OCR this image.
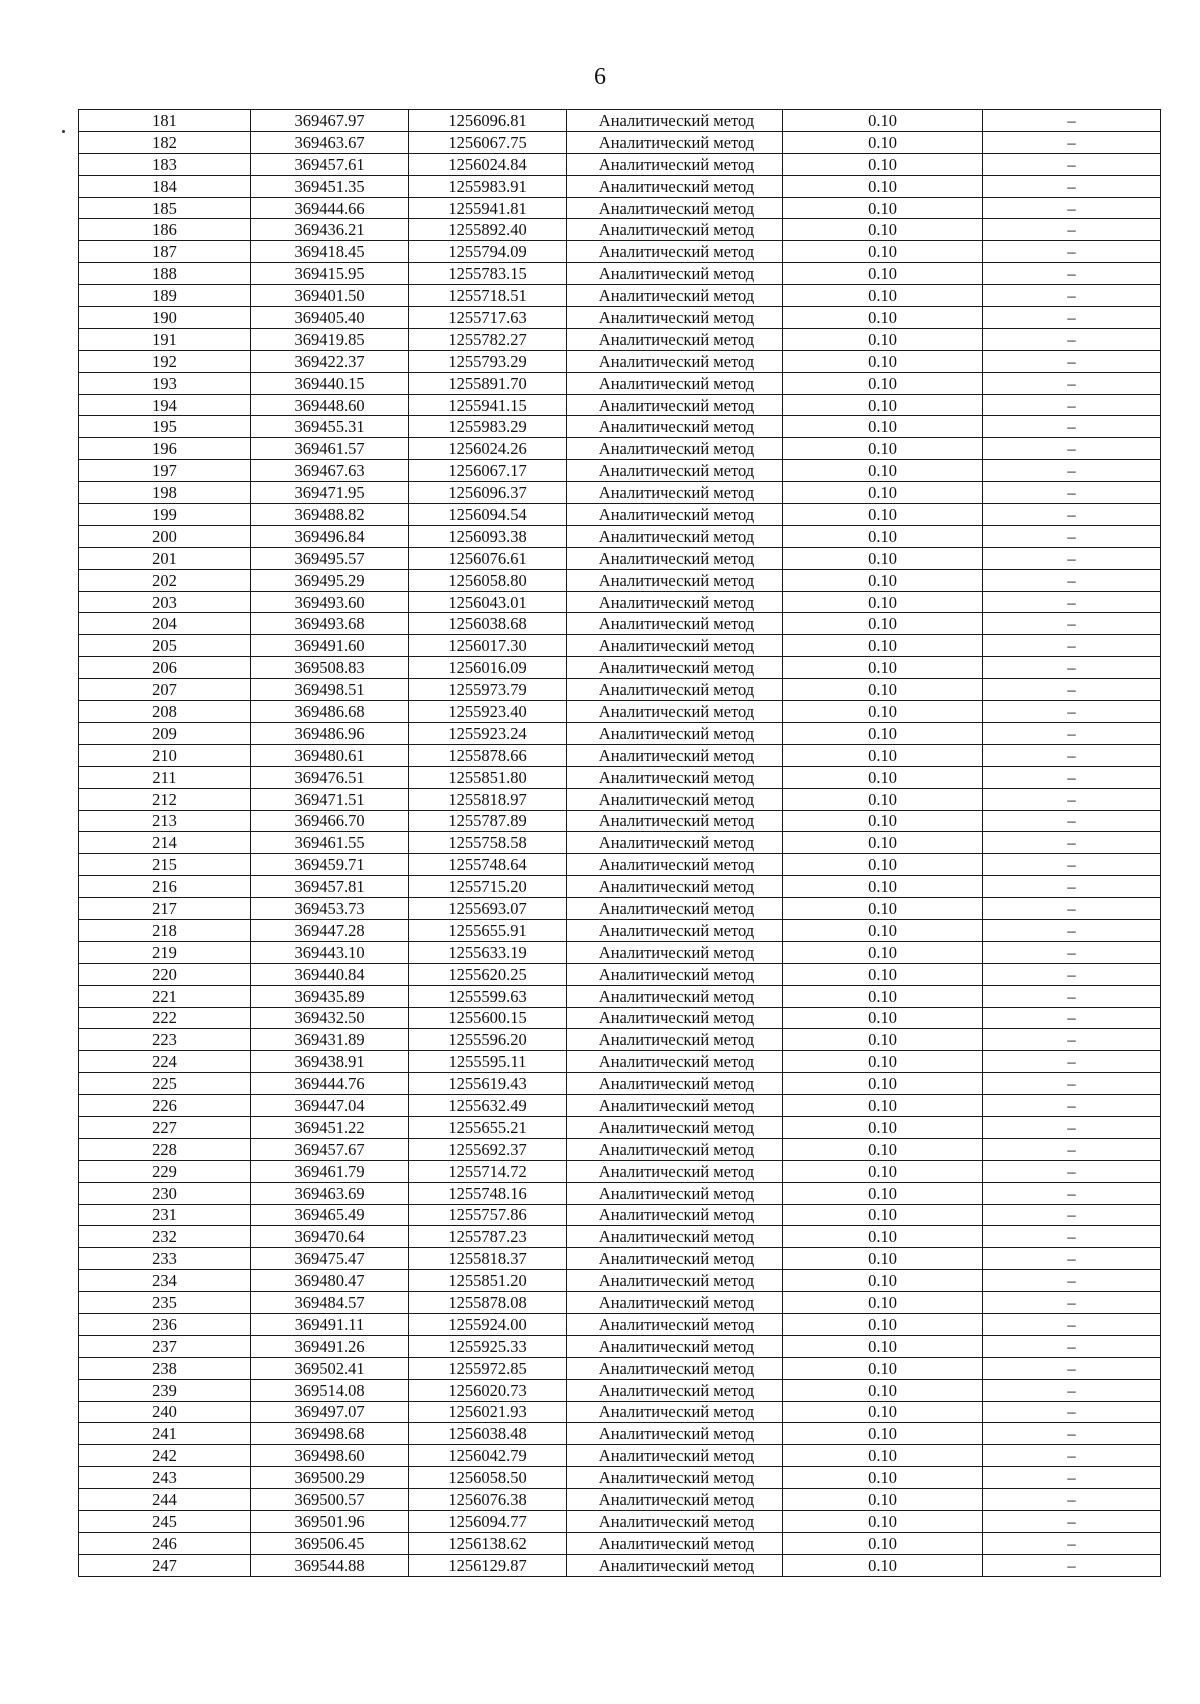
6
181	369467.97	1256096.81	Аналитический метод	0.10	–
182	369463.67	1256067.75	Аналитический метод	0.10	–
183	369457.61	1256024.84	Аналитический метод	0.10	–
184	369451.35	1255983.91	Аналитический метод	0.10	–
185	369444.66	1255941.81	Аналитический метод	0.10	–
186	369436.21	1255892.40	Аналитический метод	0.10	–
187	369418.45	1255794.09	Аналитический метод	0.10	–
188	369415.95	1255783.15	Аналитический метод	0.10	–
189	369401.50	1255718.51	Аналитический метод	0.10	–
190	369405.40	1255717.63	Аналитический метод	0.10	–
191	369419.85	1255782.27	Аналитический метод	0.10	–
192	369422.37	1255793.29	Аналитический метод	0.10	–
193	369440.15	1255891.70	Аналитический метод	0.10	–
194	369448.60	1255941.15	Аналитический метод	0.10	–
195	369455.31	1255983.29	Аналитический метод	0.10	–
196	369461.57	1256024.26	Аналитический метод	0.10	–
197	369467.63	1256067.17	Аналитический метод	0.10	–
198	369471.95	1256096.37	Аналитический метод	0.10	–
199	369488.82	1256094.54	Аналитический метод	0.10	–
200	369496.84	1256093.38	Аналитический метод	0.10	–
201	369495.57	1256076.61	Аналитический метод	0.10	–
202	369495.29	1256058.80	Аналитический метод	0.10	–
203	369493.60	1256043.01	Аналитический метод	0.10	–
204	369493.68	1256038.68	Аналитический метод	0.10	–
205	369491.60	1256017.30	Аналитический метод	0.10	–
206	369508.83	1256016.09	Аналитический метод	0.10	–
207	369498.51	1255973.79	Аналитический метод	0.10	–
208	369486.68	1255923.40	Аналитический метод	0.10	–
209	369486.96	1255923.24	Аналитический метод	0.10	–
210	369480.61	1255878.66	Аналитический метод	0.10	–
211	369476.51	1255851.80	Аналитический метод	0.10	–
212	369471.51	1255818.97	Аналитический метод	0.10	–
213	369466.70	1255787.89	Аналитический метод	0.10	–
214	369461.55	1255758.58	Аналитический метод	0.10	–
215	369459.71	1255748.64	Аналитический метод	0.10	–
216	369457.81	1255715.20	Аналитический метод	0.10	–
217	369453.73	1255693.07	Аналитический метод	0.10	–
218	369447.28	1255655.91	Аналитический метод	0.10	–
219	369443.10	1255633.19	Аналитический метод	0.10	–
220	369440.84	1255620.25	Аналитический метод	0.10	–
221	369435.89	1255599.63	Аналитический метод	0.10	–
222	369432.50	1255600.15	Аналитический метод	0.10	–
223	369431.89	1255596.20	Аналитический метод	0.10	–
224	369438.91	1255595.11	Аналитический метод	0.10	–
225	369444.76	1255619.43	Аналитический метод	0.10	–
226	369447.04	1255632.49	Аналитический метод	0.10	–
227	369451.22	1255655.21	Аналитический метод	0.10	–
228	369457.67	1255692.37	Аналитический метод	0.10	–
229	369461.79	1255714.72	Аналитический метод	0.10	–
230	369463.69	1255748.16	Аналитический метод	0.10	–
231	369465.49	1255757.86	Аналитический метод	0.10	–
232	369470.64	1255787.23	Аналитический метод	0.10	–
233	369475.47	1255818.37	Аналитический метод	0.10	–
234	369480.47	1255851.20	Аналитический метод	0.10	–
235	369484.57	1255878.08	Аналитический метод	0.10	–
236	369491.11	1255924.00	Аналитический метод	0.10	–
237	369491.26	1255925.33	Аналитический метод	0.10	–
238	369502.41	1255972.85	Аналитический метод	0.10	–
239	369514.08	1256020.73	Аналитический метод	0.10	–
240	369497.07	1256021.93	Аналитический метод	0.10	–
241	369498.68	1256038.48	Аналитический метод	0.10	–
242	369498.60	1256042.79	Аналитический метод	0.10	–
243	369500.29	1256058.50	Аналитический метод	0.10	–
244	369500.57	1256076.38	Аналитический метод	0.10	–
245	369501.96	1256094.77	Аналитический метод	0.10	–
246	369506.45	1256138.62	Аналитический метод	0.10	–
247	369544.88	1256129.87	Аналитический метод	0.10	–
